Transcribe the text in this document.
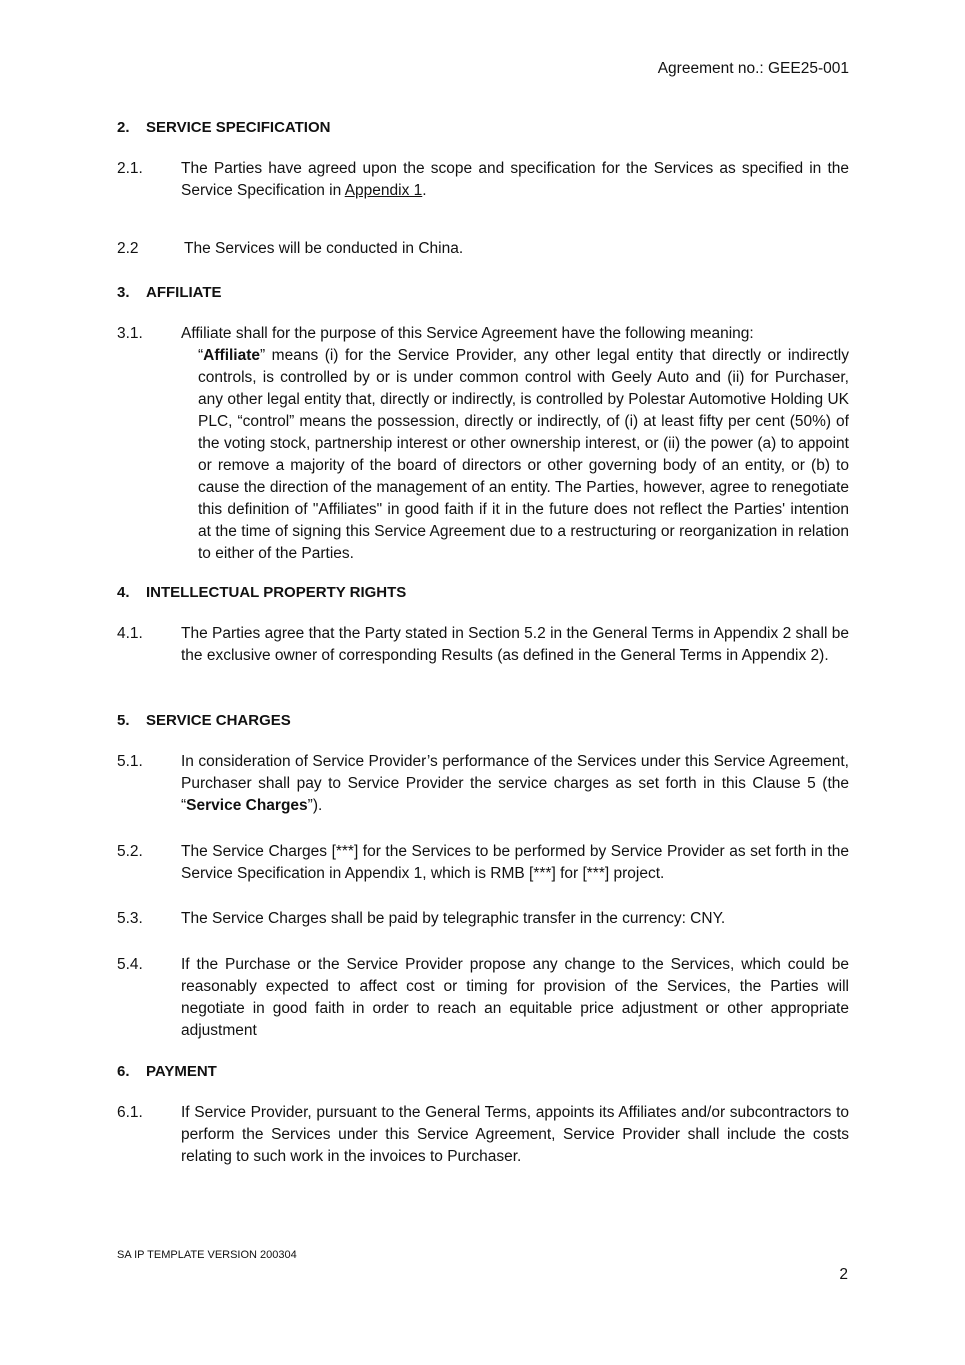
Agreement no.: GEE25-001
2. SERVICE SPECIFICATION
2.1. The Parties have agreed upon the scope and specification for the Services as specified in the Service Specification in Appendix 1.
2.2	The Services will be conducted in China.
3. AFFILIATE
3.1. Affiliate shall for the purpose of this Service Agreement have the following meaning:
“Affiliate” means (i) for the Service Provider, any other legal entity that directly or indirectly controls, is controlled by or is under common control with Geely Auto and (ii) for Purchaser, any other legal entity that, directly or indirectly, is controlled by Polestar Automotive Holding UK PLC, “control” means the possession, directly or indirectly, of (i) at least fifty per cent (50%) of the voting stock, partnership interest or other ownership interest, or (ii) the power (a) to appoint or remove a majority of the board of directors or other governing body of an entity, or (b) to cause the direction of the management of an entity. The Parties, however, agree to renegotiate this definition of "Affiliates" in good faith if it in the future does not reflect the Parties' intention at the time of signing this Service Agreement due to a restructuring or reorganization in relation to either of the Parties.
4. INTELLECTUAL PROPERTY RIGHTS
4.1. The Parties agree that the Party stated in Section 5.2 in the General Terms in Appendix 2 shall be the exclusive owner of corresponding Results (as defined in the General Terms in Appendix 2).
5. SERVICE CHARGES
5.1. In consideration of Service Provider’s performance of the Services under this Service Agreement, Purchaser shall pay to Service Provider the service charges as set forth in this Clause 5 (the “Service Charges”).
5.2. The Service Charges [***] for the Services to be performed by Service Provider as set forth in the Service Specification in Appendix 1, which is RMB [***] for [***] project.
5.3. The Service Charges shall be paid by telegraphic transfer in the currency: CNY.
5.4. If the Purchase or the Service Provider propose any change to the Services, which could be reasonably expected to affect cost or timing for provision of the Services, the Parties will negotiate in good faith in order to reach an equitable price adjustment or other appropriate adjustment
6. PAYMENT
6.1. If Service Provider, pursuant to the General Terms, appoints its Affiliates and/or subcontractors to perform the Services under this Service Agreement, Service Provider shall include the costs relating to such work in the invoices to Purchaser.
SA IP TEMPLATE VERSION 200304
2
